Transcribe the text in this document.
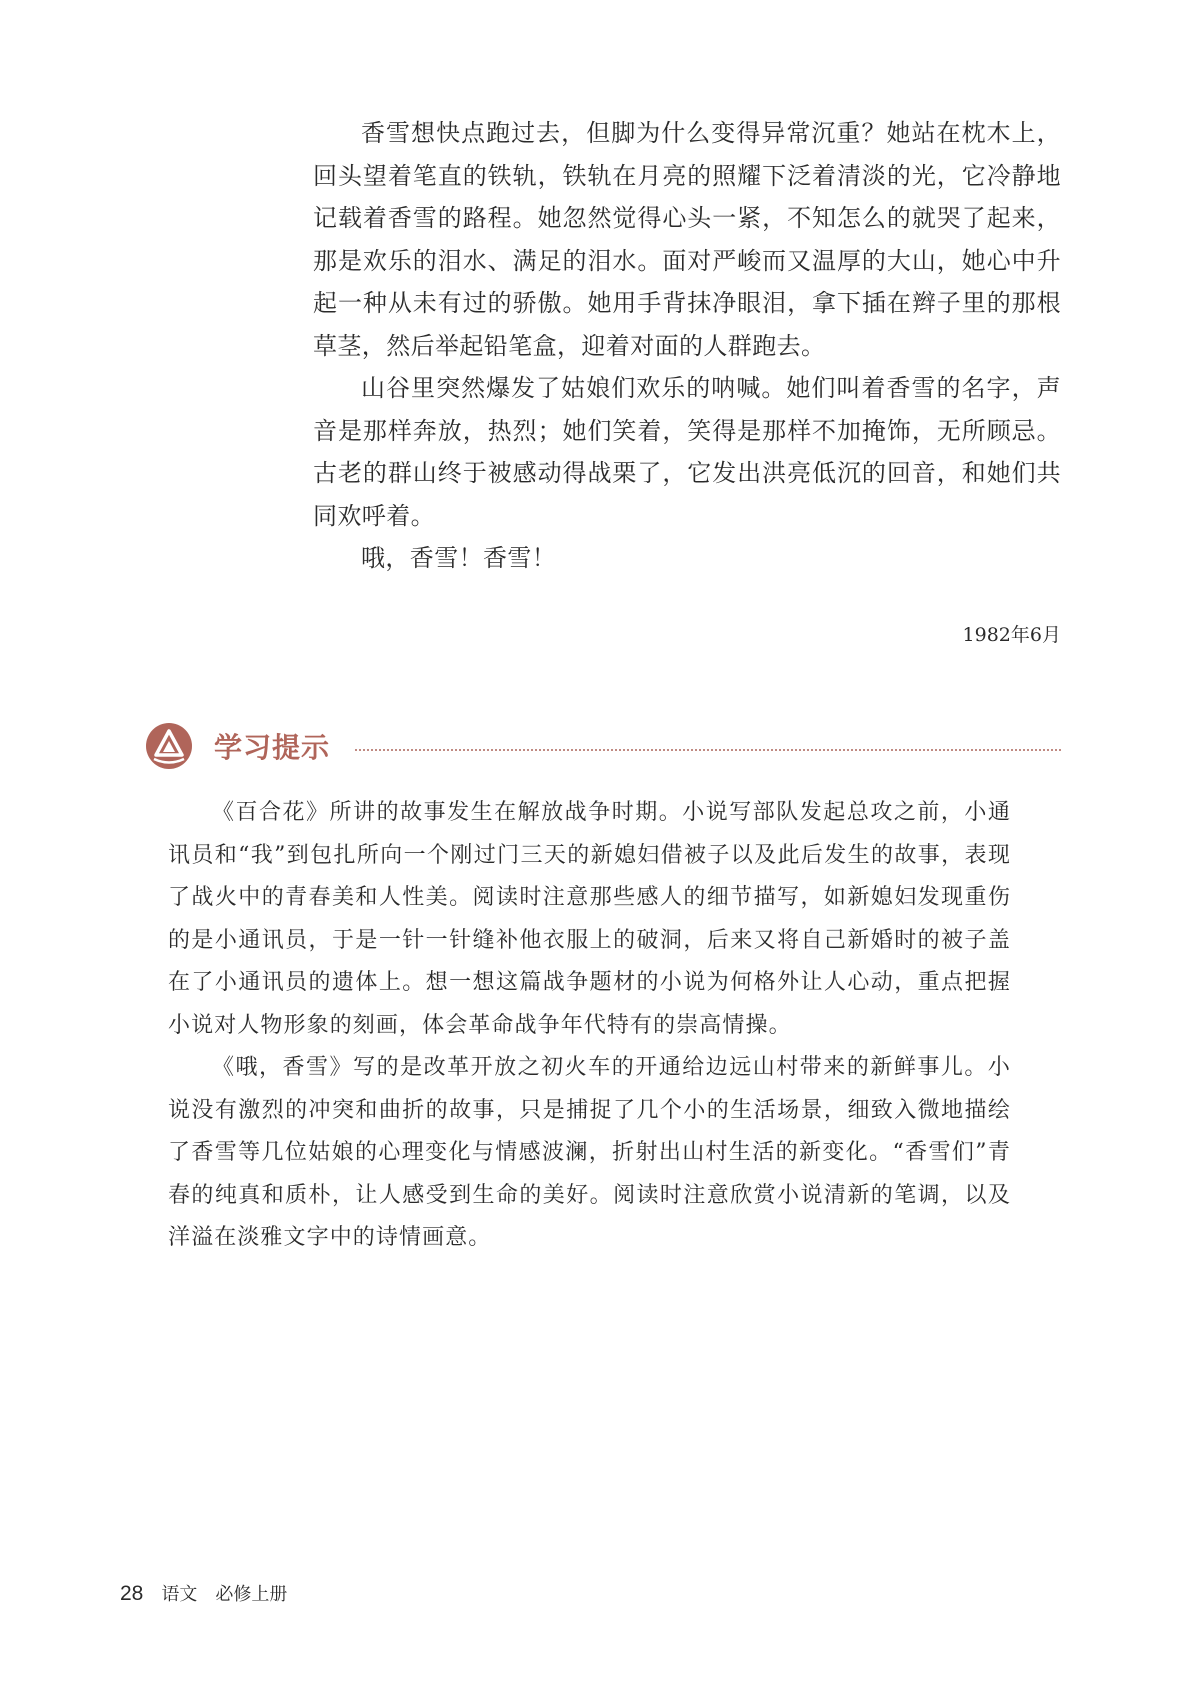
香雪想快点跑过去，但脚为什么变得异常沉重？她站在枕木上，回头望着笔直的铁轨，铁轨在月亮的照耀下泛着清淡的光，它冷静地记载着香雪的路程。她忽然觉得心头一紧，不知怎么的就哭了起来，那是欢乐的泪水、满足的泪水。面对严峻而又温厚的大山，她心中升起一种从未有过的骄傲。她用手背抹净眼泪，拿下插在辫子里的那根草茎，然后举起铅笔盒，迎着对面的人群跑去。

山谷里突然爆发了姑娘们欢乐的呐喊。她们叫着香雪的名字，声音是那样奔放，热烈；她们笑着，笑得是那样不加掩饰，无所顾忌。古老的群山终于被感动得战栗了，它发出洪亮低沉的回音，和她们共同欢呼着。

哦，香雪！香雪！

1982年6月
学习提示

《百合花》所讲的故事发生在解放战争时期。小说写部队发起总攻之前，小通讯员和“我”到包扎所向一个刚过门三天的新媳妇借被子以及此后发生的故事，表现了战火中的青春美和人性美。阅读时注意那些感人的细节描写，如新媳妇发现重伤的是小通讯员，于是一针一针缝补他衣服上的破洞，后来又将自己新婚时的被子盖在了小通讯员的遗体上。想一想这篇战争题材的小说为何格外让人心动，重点把握小说对人物形象的刻画，体会革命战争年代特有的崇高情操。

《哦，香雪》写的是改革开放之初火车的开通给边远山村带来的新鲜事儿。小说没有激烈的冲突和曲折的故事，只是捕捉了几个小的生活场景，细致入微地描绘了香雪等几位姑娘的心理变化与情感波澜，折射出山村生活的新变化。“香雪们”青春的纯真和质朴，让人感受到生命的美好。阅读时注意欣赏小说清新的笔调，以及洋溢在淡雅文字中的诗情画意。

28 语文 必修上册
